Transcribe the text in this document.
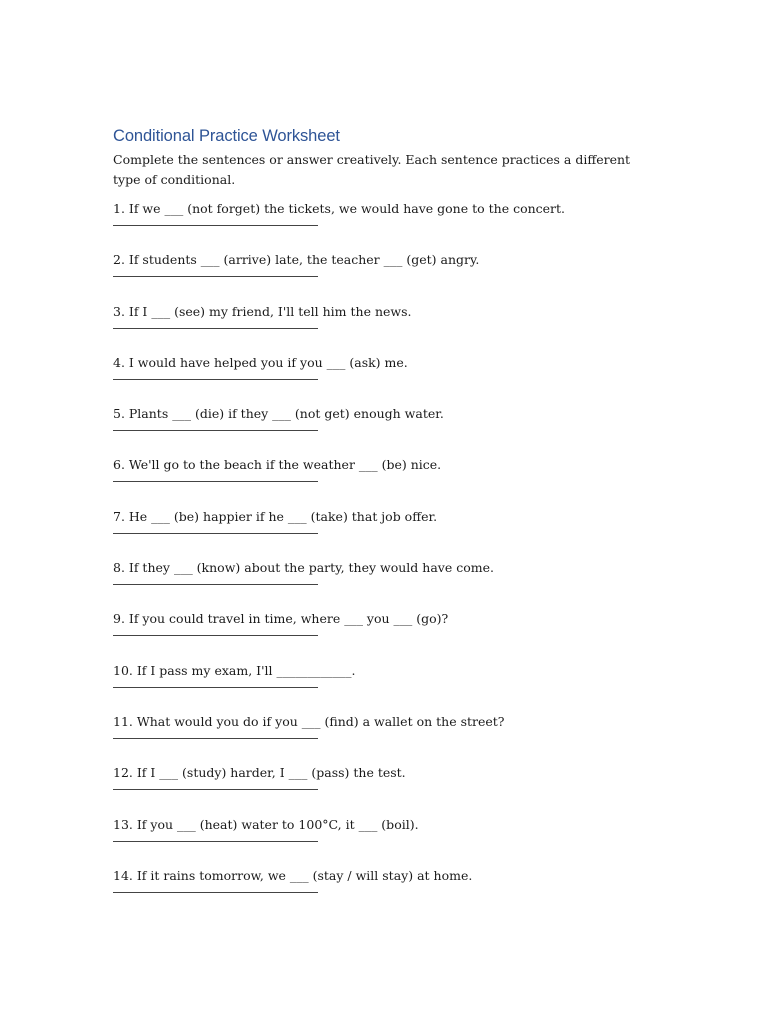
Conditional Practice Worksheet

Complete the sentences or answer creatively. Each sentence practices a different type of conditional.

1. If we ___ (not forget) the tickets, we would have gone to the concert.
2. If students ___ (arrive) late, the teacher ___ (get) angry.
3. If I ___ (see) my friend, I'll tell him the news.
4. I would have helped you if you ___ (ask) me.
5. Plants ___ (die) if they ___ (not get) enough water.
6. We'll go to the beach if the weather ___ (be) nice.
7. He ___ (be) happier if he ___ (take) that job offer.
8. If they ___ (know) about the party, they would have come.
9. If you could travel in time, where ___ you ___ (go)?
10. If I pass my exam, I'll ____________.
11. What would you do if you ___ (find) a wallet on the street?
12. If I ___ (study) harder, I ___ (pass) the test.
13. If you ___ (heat) water to 100°C, it ___ (boil).
14. If it rains tomorrow, we ___ (stay / will stay) at home.
